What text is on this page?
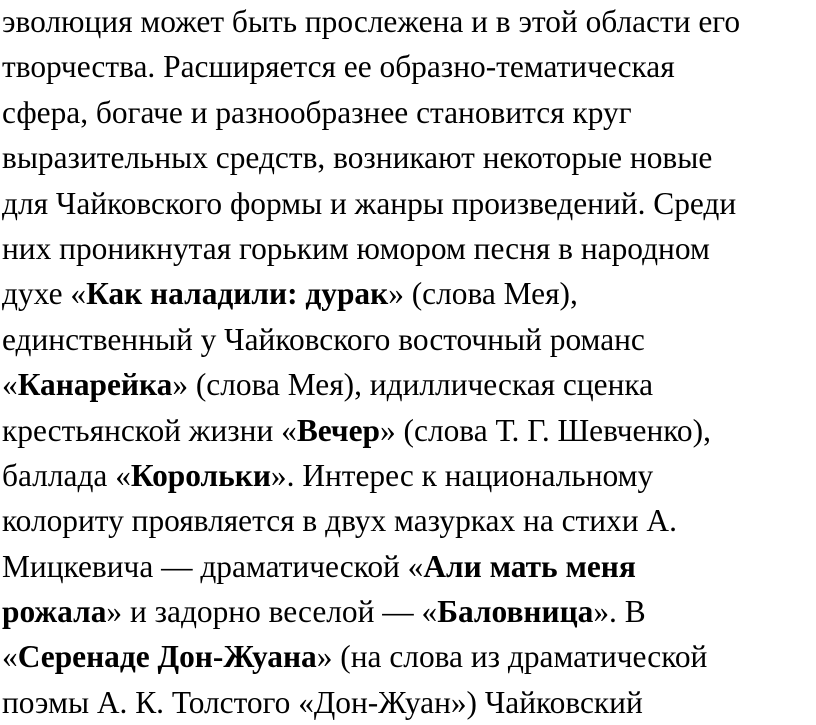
эволюция может быть прослежена и в этой области его
творчества. Расширяется ее образно-тематическая
сфера, богаче и разнообразнее становится круг
выразительных средств, возникают некоторые новые
для Чайковского формы и жанры произведений. Среди
них проникнутая горьким юмором песня в народном
духе «Как наладили: дурак» (слова Мея),
единственный у Чайковского восточный романс
«Канарейка» (слова Мея), идиллическая сценка
крестьянской жизни «Вечер» (слова Т. Г. Шевченко),
баллада «Корольки». Интерес к национальному
колориту проявляется в двух мазурках на стихи А.
Мицкевича — драматической «Али мать меня
рожала» и задорно веселой — «Баловница». В
«Серенаде Дон-Жуана» (на слова из драматической
поэмы А. К. Толстого «Дон-Жуан») Чайковский
